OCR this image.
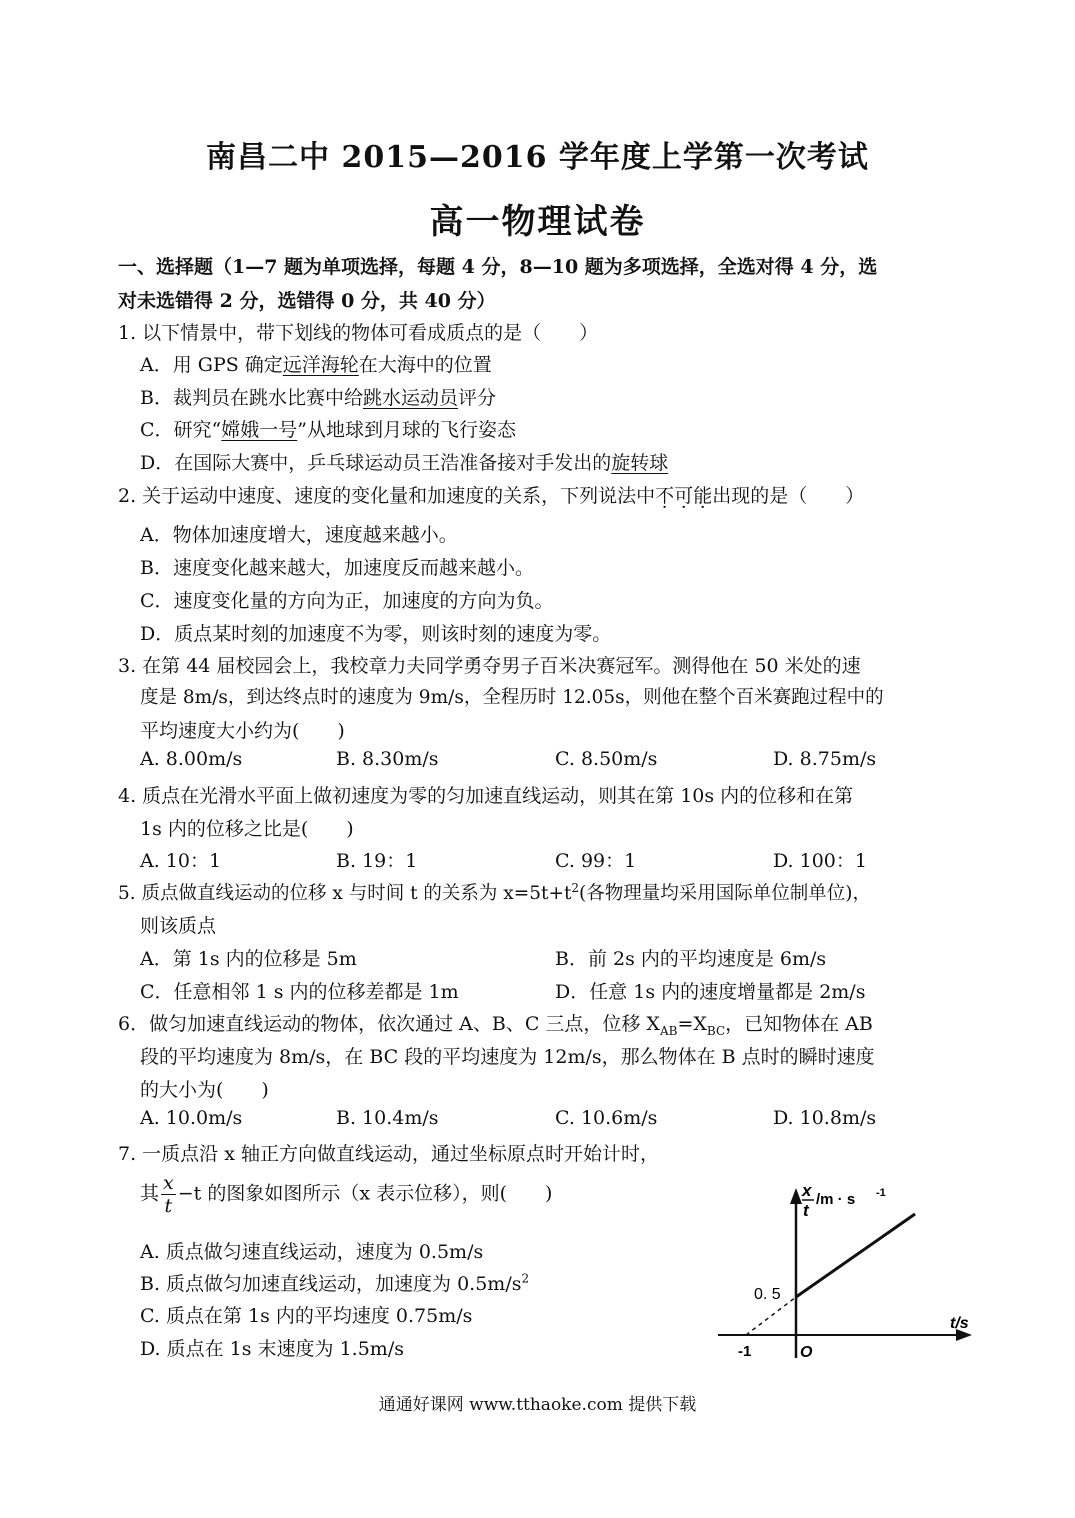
南昌二中 2015—2016 学年度上学第一次考试
高一物理试卷
一、选择题（1—7 题为单项选择，每题 4 分，8—10 题为多项选择，全选对得 4 分，选
对未选错得 2 分，选错得 0 分，共 40 分）
1. 以下情景中，带下划线的物体可看成质点的是（　　）
A．用 GPS 确定远洋海轮在大海中的位置
B．裁判员在跳水比赛中给跳水运动员评分
C．研究“嫦娥一号”从地球到月球的飞行姿态
D．在国际大赛中，乒乓球运动员王浩准备接对手发出的旋转球
2. 关于运动中速度、速度的变化量和加速度的关系，下列说法中不可能出现的是（　　）
A．物体加速度增大，速度越来越小。
B．速度变化越来越大，加速度反而越来越小。
C．速度变化量的方向为正，加速度的方向为负。
D．质点某时刻的加速度不为零，则该时刻的速度为零。
3. 在第 44 届校园会上，我校章力夫同学勇夺男子百米决赛冠军。测得他在 50 米处的速
度是 8m/s，到达终点时的速度为 9m/s，全程历时 12.05s，则他在整个百米赛跑过程中的
平均速度大小约为(　　)
A. 8.00m/s	B. 8.30m/s	C. 8.50m/s	D. 8.75m/s
4. 质点在光滑水平面上做初速度为零的匀加速直线运动，则其在第 10s 内的位移和在第
1s 内的位移之比是(　　)
A. 10：1	B. 19：1	C. 99：1	D. 100：1
5. 质点做直线运动的位移 x 与时间 t 的关系为 $x=5t+t^2$(各物理量均采用国际单位制单位)，
则该质点
A．第 1s 内的位移是 5m	B．前 2s 内的平均速度是 6m/s
C．任意相邻 1 s 内的位移差都是 1m	D．任意 1s 内的速度增量都是 2m/s
6．做匀加速直线运动的物体，依次通过 A、B、C 三点，位移 $X_{AB}=X_{BC}$，已知物体在 AB
段的平均速度为 8m/s，在 BC 段的平均速度为 12m/s，那么物体在 B 点时的瞬时速度
的大小为(　　)
A. 10.0m/s	B. 10.4m/s	C. 10.6m/s	D. 10.8m/s
7. 一质点沿 x 轴正方向做直线运动，通过坐标原点时开始计时，
其 $\frac{x}{t} -t$ 的图象如图所示（x 表示位移），则(　　)
A. 质点做匀速直线运动，速度为 0.5m/s
B. 质点做匀加速直线运动，加速度为 $0.5m/s^2$
C. 质点在第 1s 内的平均速度 0.75m/s
D. 质点在 1s 末速度为 1.5m/s
x
t
/m · s -1
0. 5
-1	O
t/s
通通好课网 www.tthaoke.com 提供下载
